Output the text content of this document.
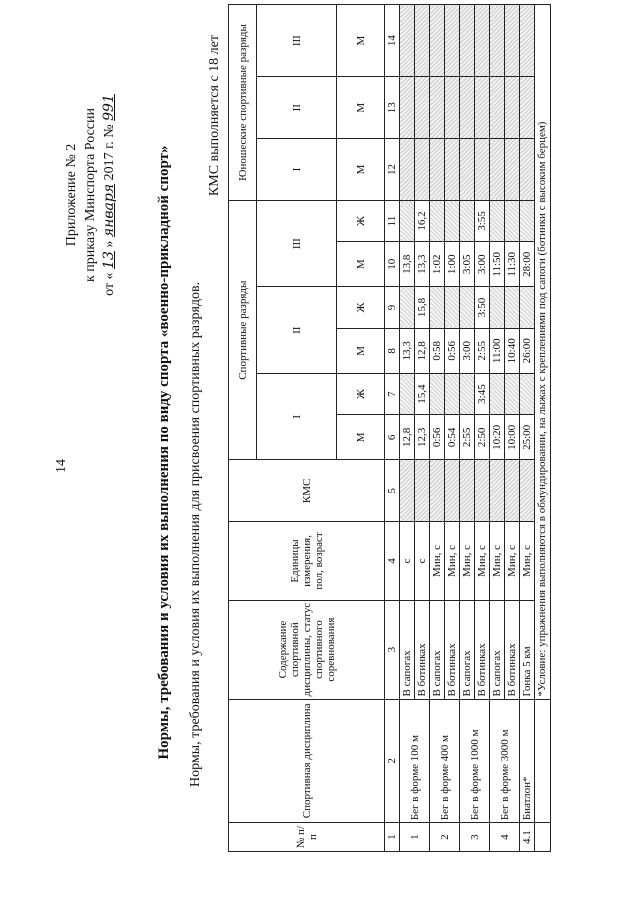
14
Приложение № 2 к приказу Минспорта России
от « 13 » января 2017 г. № 991
Нормы, требования и условия их выполнения по виду спорта «военно-прикладной спорт» Нормы, требования и условия их выполнения для присвоения спортивных разрядов.
КМС выполняется с 18 лет
№ п/п	Спортивная дисциплина	Содержание спортивной дисциплины, статус спортивного соревнования	Единицы измерения, пол, возраст	КМС	Спортивные разряды						Юношеские спортивные разряды		
					I		II		III		I	II	III
					М	Ж	М	Ж	М	Ж	М	М	М
1	2	3	4	5	6	7	8	9	10	11	12	13	14
1	Бег в форме 100 м	В сапогах	с		12,8		13,3		13,8				
		В ботинках	с		12,3	15,4	12,8	15,8	13,3	16,2			
2	Бег в форме 400 м	В сапогах	Мин, с		0:56		0:58		1:02				
		В ботинках	Мин, с		0:54		0:56		1:00				
3	Бег в форме 1000 м	В сапогах	Мин, с		2:55		3:00		3:05				
		В ботинках	Мин, с		2:50	3:45	2:55	3:50	3:00	3:55			
4	Бег в форме 3000 м	В сапогах	Мин, с		10:20		11:00		11:50				
		В ботинках	Мин, с		10:00		10:40		11:30				
4.1	Биатлон*	Гонка 5 км	Мин, с		25:00		26:00		28:00				
		*Условие: упражнения выполняются в обмундировании, на лыжах с креплениями под сапоги (ботинки с высоким берцем)											
